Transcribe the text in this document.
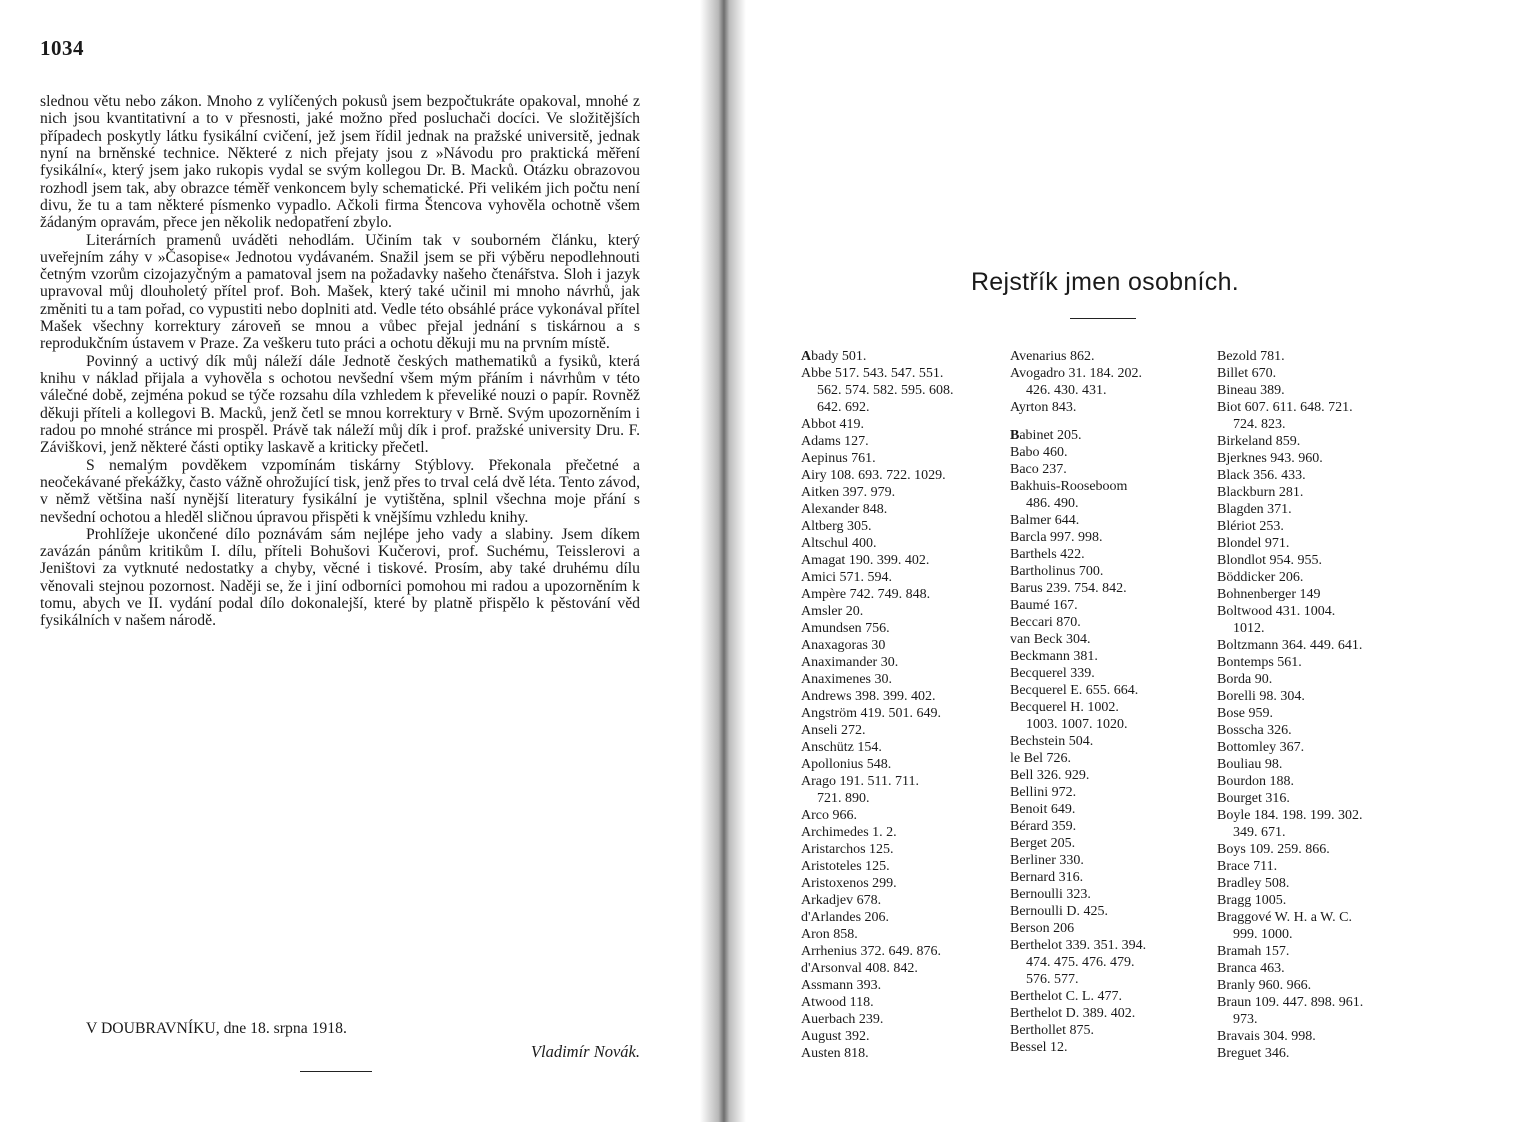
1034

slednou větu nebo zákon. Mnoho z vylíčených pokusů jsem bezpočtukráte opakoval, mnohé z nich jsou kvantitativní a to v přesnosti, jaké možno před posluchači docíci. Ve složitějších případech poskytly látku fysikální cvičení, jež jsem řídil jednak na pražské universitě, jednak nyní na brněnské technice. Některé z nich přejaty jsou z »Návodu pro praktická měření fysikální«, který jsem jako rukopis vydal se svým kollegou Dr. B. Macků. Otázku obrazovou rozhodl jsem tak, aby obrazce téměř venkoncem byly schematické. Při velikém jich počtu není divu, že tu a tam některé písmenko vypadlo. Ačkoli firma Štencova vyhověla ochotně všem žádaným opravám, přece jen několik nedopatření zbylo.

Literárních pramenů uváděti nehodlám. Učiním tak v souborném článku, který uveřejním záhy v »Časopise« Jednotou vydávaném. Snažil jsem se při výběru nepodlehnouti četným vzorům cizojazyčným a pamatoval jsem na požadavky našeho čtenářstva. Sloh i jazyk upravoval můj dlouholetý přítel prof. Boh. Mašek, který také učinil mi mnoho návrhů, jak změniti tu a tam pořad, co vypustiti nebo doplniti atd. Vedle této obsáhlé práce vykonával přítel Mašek všechny korrektury zároveň se mnou a vůbec přejal jednání s tiskárnou a s reprodukčním ústavem v Praze. Za veškeru tuto práci a ochotu děkuji mu na prvním místě.

Povinný a uctivý dík můj náleží dále Jednotě českých mathematiků a fysiků, která knihu v náklad přijala a vyhověla s ochotou nevšední všem mým přáním i návrhům v této válečné době, zejména pokud se týče rozsahu díla vzhledem k převeliké nouzi o papír. Rovněž děkuji příteli a kollegovi B. Macků, jenž četl se mnou korrektury v Brně. Svým upozorněním i radou po mnohé stránce mi prospěl. Právě tak náleží můj dík i prof. pražské university Dru. F. Záviškovi, jenž některé části optiky laskavě a kriticky přečetl.

S nemalým povděkem vzpomínám tiskárny Stýblovy. Překonala přečetné a neočekávané překážky, často vážně ohrožující tisk, jenž přes to trval celá dvě léta. Tento závod, v němž většina naší nynější literatury fysikální je vytištěna, splnil všechna moje přání s nevšední ochotou a hleděl sličnou úpravou přispěti k vnějšímu vzhledu knihy.

Prohlížeje ukončené dílo poznávám sám nejlépe jeho vady a slabiny. Jsem díkem zavázán pánům kritikům I. dílu, příteli Bohušovi Kučerovi, prof. Suchému, Teisslerovi a Jeništovi za vytknuté nedostatky a chyby, věcné i tiskové. Prosím, aby také druhému dílu věnovali stejnou pozornost. Naději se, že i jiní odborníci pomohou mi radou a upozorněním k tomu, abych ve II. vydání podal dílo dokonalejší, které by platně přispělo k pěstování věd fysikálních v našem národě.

V DOUBRAVNÍKU, dne 18. srpna 1918.
Vladimír Novák.
Rejstřík jmen osobních.

Abady 501.

Abbe 517. 543. 547. 551.

562. 574. 582. 595. 608.

642. 692.

Abbot 419.

Adams 127.

Aepinus 761.

Airy 108. 693. 722. 1029.

Aitken 397. 979.

Alexander 848.

Altberg 305.

Altschul 400.

Amagat 190. 399. 402.

Amici 571. 594.

Ampère 742. 749. 848.

Amsler 20.

Amundsen 756.

Anaxagoras 30

Anaximander 30.

Anaximenes 30.

Andrews 398. 399. 402.

Angström 419. 501. 649.

Anseli 272.

Anschütz 154.

Apollonius 548.

Arago 191. 511. 711.

721. 890.

Arco 966.

Archimedes 1. 2.

Aristarchos 125.

Aristoteles 125.

Aristoxenos 299.

Arkadjev 678.

d'Arlandes 206.

Aron 858.

Arrhenius 372. 649. 876.

d'Arsonval 408. 842.

Assmann 393.

Atwood 118.

Auerbach 239.

August 392.

Austen 818.

Avenarius 862.

Avogadro 31. 184. 202.

426. 430. 431.

Ayrton 843.

Babinet 205.

Babo 460.

Baco 237.

Bakhuis-Rooseboom

486. 490.

Balmer 644.

Barcla 997. 998.

Barthels 422.

Bartholinus 700.

Barus 239. 754. 842.

Baumé 167.

Beccari 870.

van Beck 304.

Beckmann 381.

Becquerel 339.

Becquerel E. 655. 664.

Becquerel H. 1002.

1003. 1007. 1020.

Bechstein 504.

le Bel 726.

Bell 326. 929.

Bellini 972.

Benoit 649.

Bérard 359.

Berget 205.

Berliner 330.

Bernard 316.

Bernoulli 323.

Bernoulli D. 425.

Berson 206

Berthelot 339. 351. 394.

474. 475. 476. 479.

576. 577.

Berthelot C. L. 477.

Berthelot D. 389. 402.

Berthollet 875.

Bessel 12.

Bezold 781.

Billet 670.

Bineau 389.

Biot 607. 611. 648. 721.

724. 823.

Birkeland 859.

Bjerknes 943. 960.

Black 356. 433.

Blackburn 281.

Blagden 371.

Blériot 253.

Blondel 971.

Blondlot 954. 955.

Böddicker 206.

Bohnenberger 149

Boltwood 431. 1004.

1012.

Boltzmann 364. 449. 641.

Bontemps 561.

Borda 90.

Borelli 98. 304.

Bose 959.

Bosscha 326.

Bottomley 367.

Bouliau 98.

Bourdon 188.

Bourget 316.

Boyle 184. 198. 199. 302.

349. 671.

Boys 109. 259. 866.

Brace 711.

Bradley 508.

Bragg 1005.

Braggové W. H. a W. C.

999. 1000.

Bramah 157.

Branca 463.

Branly 960. 966.

Braun 109. 447. 898. 961.

973.

Bravais 304. 998.

Breguet 346.
